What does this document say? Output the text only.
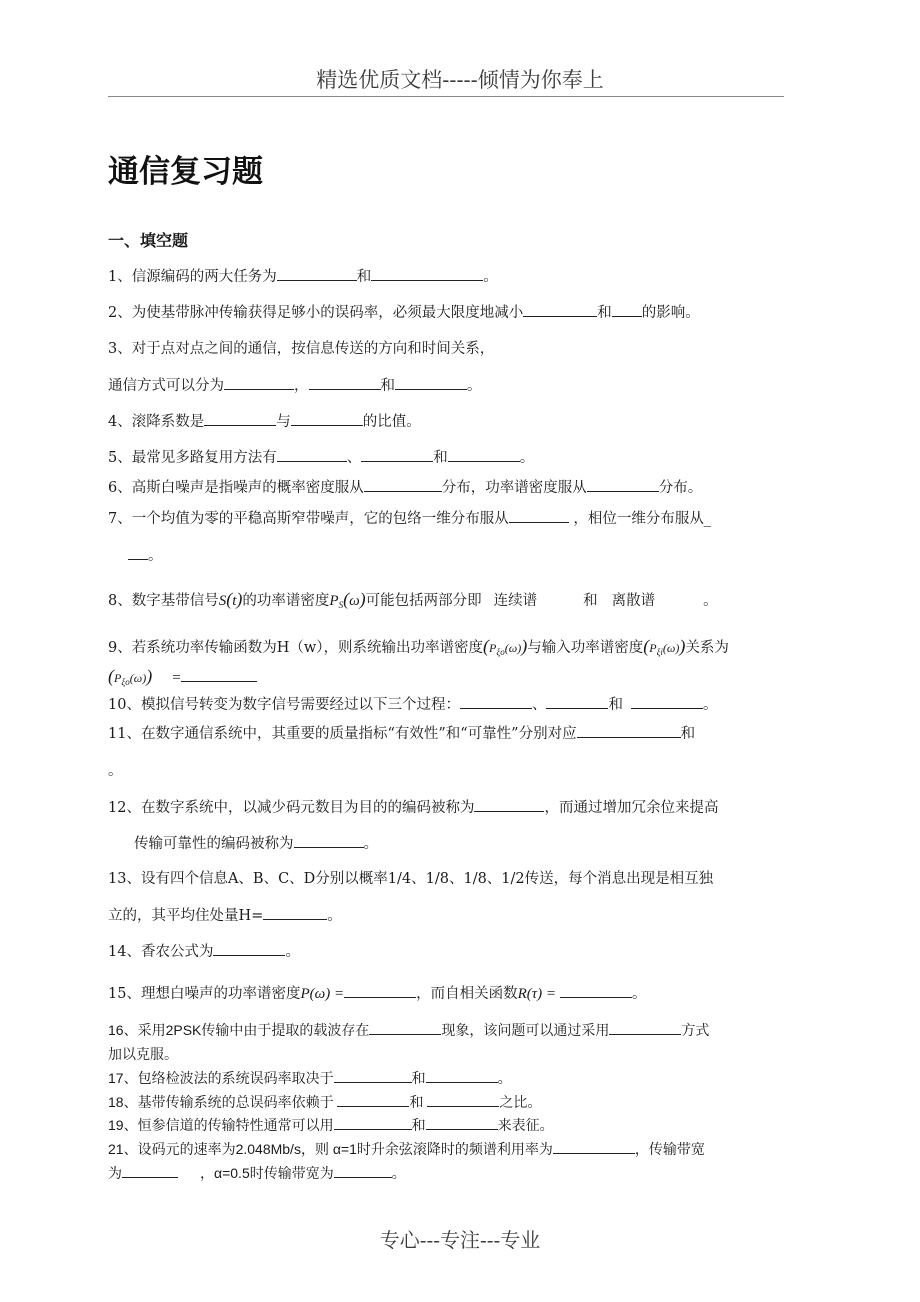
精选优质文档-----倾情为你奉上
通信复习题
一、填空题
1、信源编码的两大任务为	和	。
2、为使基带脉冲传输获得足够小的误码率，必须最大限度地减小	和 的影响。
3、对于点对点之间的通信，按信息传送的方向和时间关系，
通信方式可以分为	，	和	。
4、滚降系数是	与	的比值。
5、最常见多路复用方法有	、	和	。
6、高斯白噪声是指噪声的概率密度服从	分布，功率谱密度服从	分布。
7、一个均值为零的平稳高斯窄带噪声，它的包络一维分布服从	，相位一维分布服从_
。
8、数字基带信号S(t)的功率谱密度$P_S(\omega)$可能包括两部分即 连续谱	和 离散谱	。
9、若系统功率传输函数为H（w），则系统输出功率谱密度$(P_{\xi o}(\omega))$与输入功率谱密度$(P_{\xi i}(\omega))$关系为
$(P_{\xi o}(\omega))$ =
10、模拟信号转变为数字信号需要经过以下三个过程：	、	和	。
11、在数字通信系统中，其重要的质量指标“有效性”和“可靠性”分别对应	和
。
12、在数字系统中，以减少码元数目为目的的编码被称为	，而通过增加冗余位来提高
传输可靠性的编码被称为	。
13、设有四个信息A、B、C、D分别以概率1/4、1/8、1/8、1/2传送，每个消息出现是相互独
立的，其平均住处量H=	。
14、香农公式为	。
15、理想白噪声的功率谱密度P(ω) =	，而自相关函数R(τ) =	。
16、采用2PSK传输中由于提取的载波存在	现象，该问题可以通过采用	方式
加以克服。
17、包络检波法的系统误码率取决于	和	。
18、基带传输系统的总误码率依赖于	和	之比。
19、恒参信道的传输特性通常可以用	和	来表征。
21、设码元的速率为2.048Mb/s，则 α=1时升余弦滚降时的频谱利用率为	，传输带宽
为	，α=0.5时传输带宽为	。
专心---专注---专业
